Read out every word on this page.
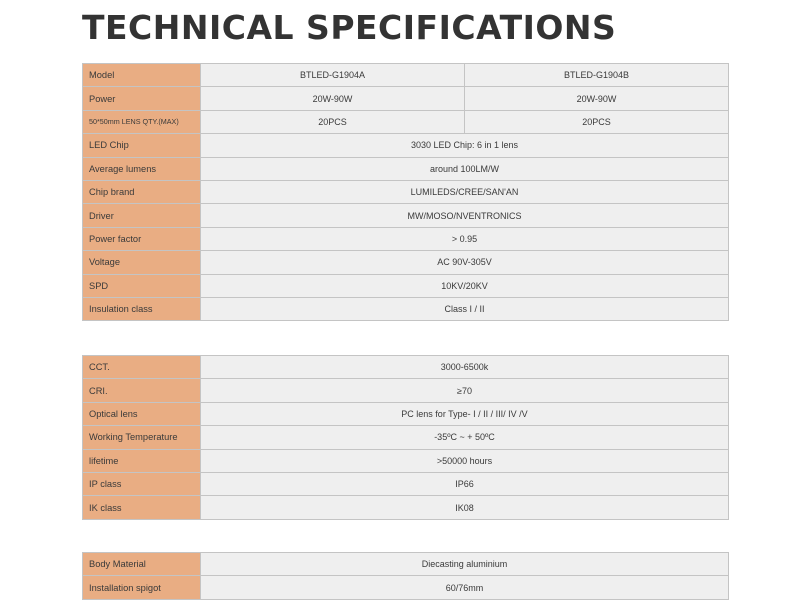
TECHNICAL SPECIFICATIONS
Model	BTLED-G1904A	BTLED-G1904B
Power	20W-90W	20W-90W
50*50mm LENS QTY.(MAX)	20PCS	20PCS
LED Chip	3030 LED Chip: 6 in 1 lens	
Average lumens	around 100LM/W	
Chip brand	LUMILEDS/CREE/SAN'AN	
Driver	MW/MOSO/NVENTRONICS	
Power factor	> 0.95	
Voltage	AC 90V-305V	
SPD	10KV/20KV	
Insulation class	Class I / II	
CCT.	3000-6500k
CRI.	≥70
Optical lens	PC lens for Type- I / II / III/ IV /V
Working Temperature	-35ºC ~ + 50ºC
lifetime	>50000 hours
IP class	IP66
IK class	IK08
Body Material	Diecasting aluminium
Installation spigot	60/76mm
